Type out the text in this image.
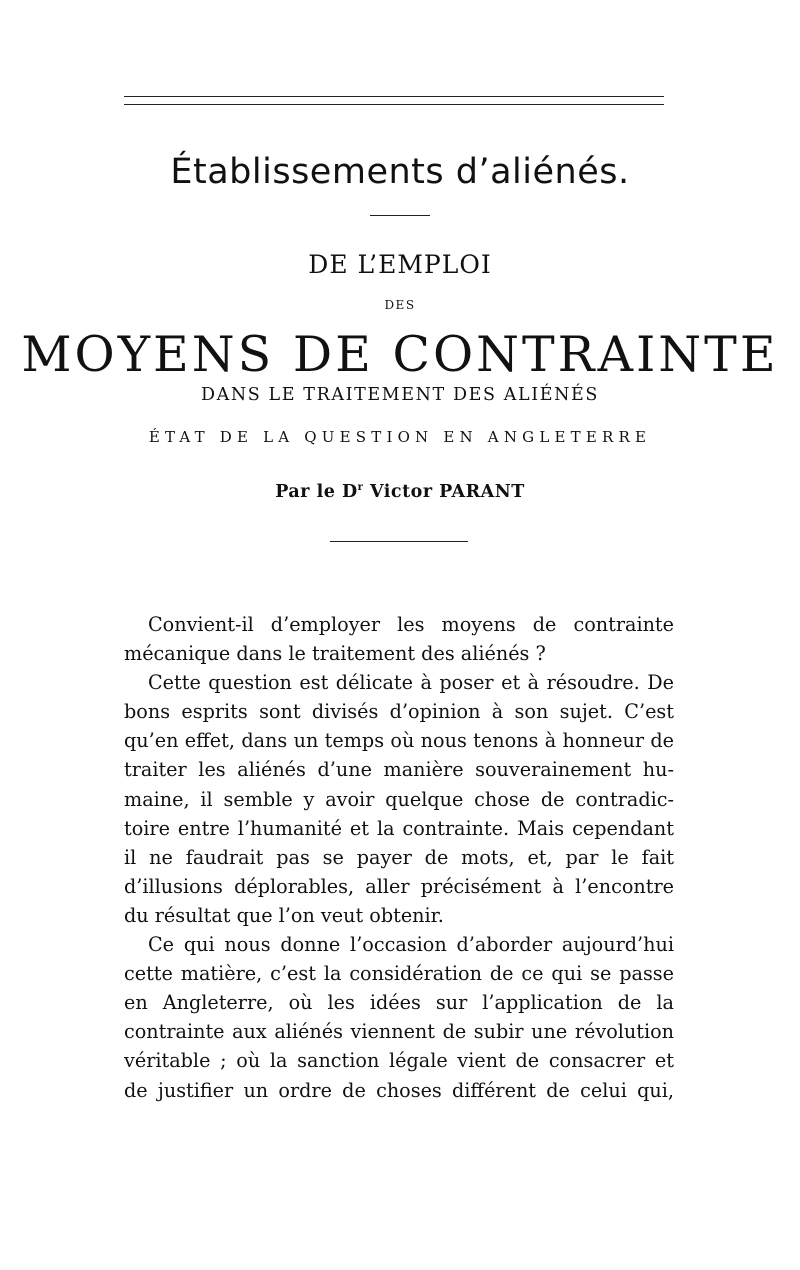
Établissements d’aliénés.
DE L’EMPLOI
DES
MOYENS DE CONTRAINTE
DANS LE TRAITEMENT DES ALIÉNÉS
ÉTAT DE LA QUESTION EN ANGLETERRE
Par le $D^r$ Victor PARANT
Convient-il d’employer les moyens de contrainte
mécanique dans le traitement des aliénés ?
Cette question est délicate à poser et à résoudre. De
bons esprits sont divisés d’opinion à son sujet. C’est
qu’en effet, dans un temps où nous tenons à honneur de
traiter les aliénés d’une manière souverainement hu-
maine, il semble y avoir quelque chose de contradic-
toire entre l’humanité et la contrainte. Mais cependant
il ne faudrait pas se payer de mots, et, par le fait
d’illusions déplorables, aller précisément à l’encontre
du résultat que l’on veut obtenir.
Ce qui nous donne l’occasion d’aborder aujourd’hui
cette matière, c’est la considération de ce qui se passe
en Angleterre, où les idées sur l’application de la
contrainte aux aliénés viennent de subir une révolution
véritable ; où la sanction légale vient de consacrer et
de justifier un ordre de choses différent de celui qui,
